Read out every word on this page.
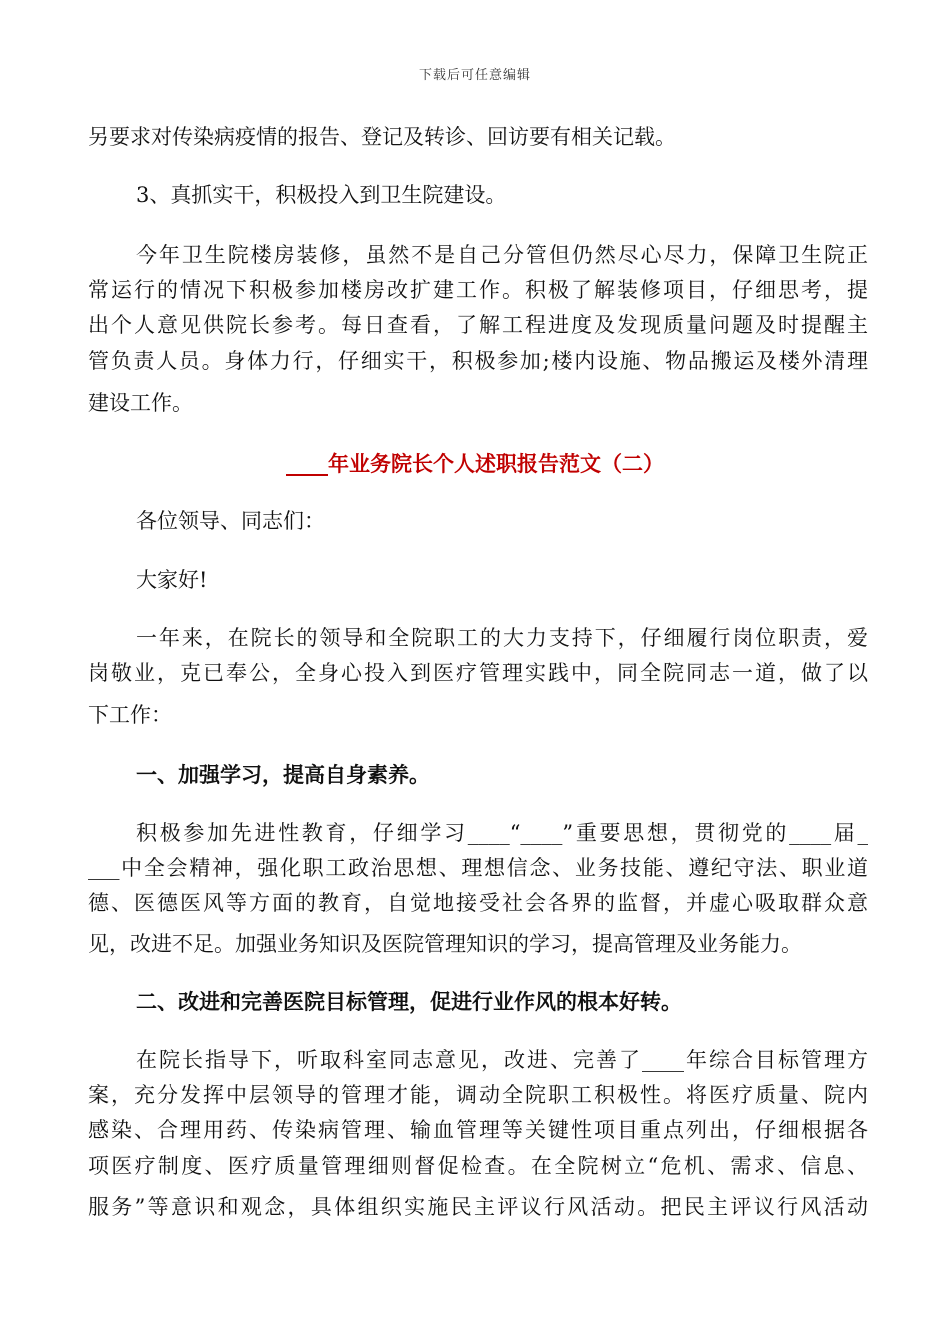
下载后可任意编辑
另要求对传染病疫情的报告、登记及转诊、回访要有相关记载。
3、真抓实干，积极投入到卫生院建设。
今年卫生院楼房装修，虽然不是自己分管但仍然尽心尽力，保障卫生院正
常运行的情况下积极参加楼房改扩建工作。积极了解装修项目，仔细思考，提
出个人意见供院长参考。每日查看，了解工程进度及发现质量问题及时提醒主
管负责人员。身体力行，仔细实干，积极参加;楼内设施、物品搬运及楼外清理
建设工作。
____年业务院长个人述职报告范文（二）
各位领导、同志们：
大家好!
一年来，在院长的领导和全院职工的大力支持下，仔细履行岗位职责，爱
岗敬业，克已奉公，全身心投入到医疗管理实践中，同全院同志一道，做了以
下工作：
一、加强学习，提高自身素养。
积极参加先进性教育，仔细学习____“____”重要思想，贯彻党的____届_
___中全会精神，强化职工政治思想、理想信念、业务技能、遵纪守法、职业道
德、医德医风等方面的教育，自觉地接受社会各界的监督，并虚心吸取群众意
见，改进不足。加强业务知识及医院管理知识的学习，提高管理及业务能力。
二、改进和完善医院目标管理，促进行业作风的根本好转。
在院长指导下，听取科室同志意见，改进、完善了____年综合目标管理方
案，充分发挥中层领导的管理才能，调动全院职工积极性。将医疗质量、院内
感染、合理用药、传染病管理、输血管理等关键性项目重点列出，仔细根据各
项医疗制度、医疗质量管理细则督促检查。在全院树立“危机、需求、信息、
服务”等意识和观念，具体组织实施民主评议行风活动。把民主评议行风活动
